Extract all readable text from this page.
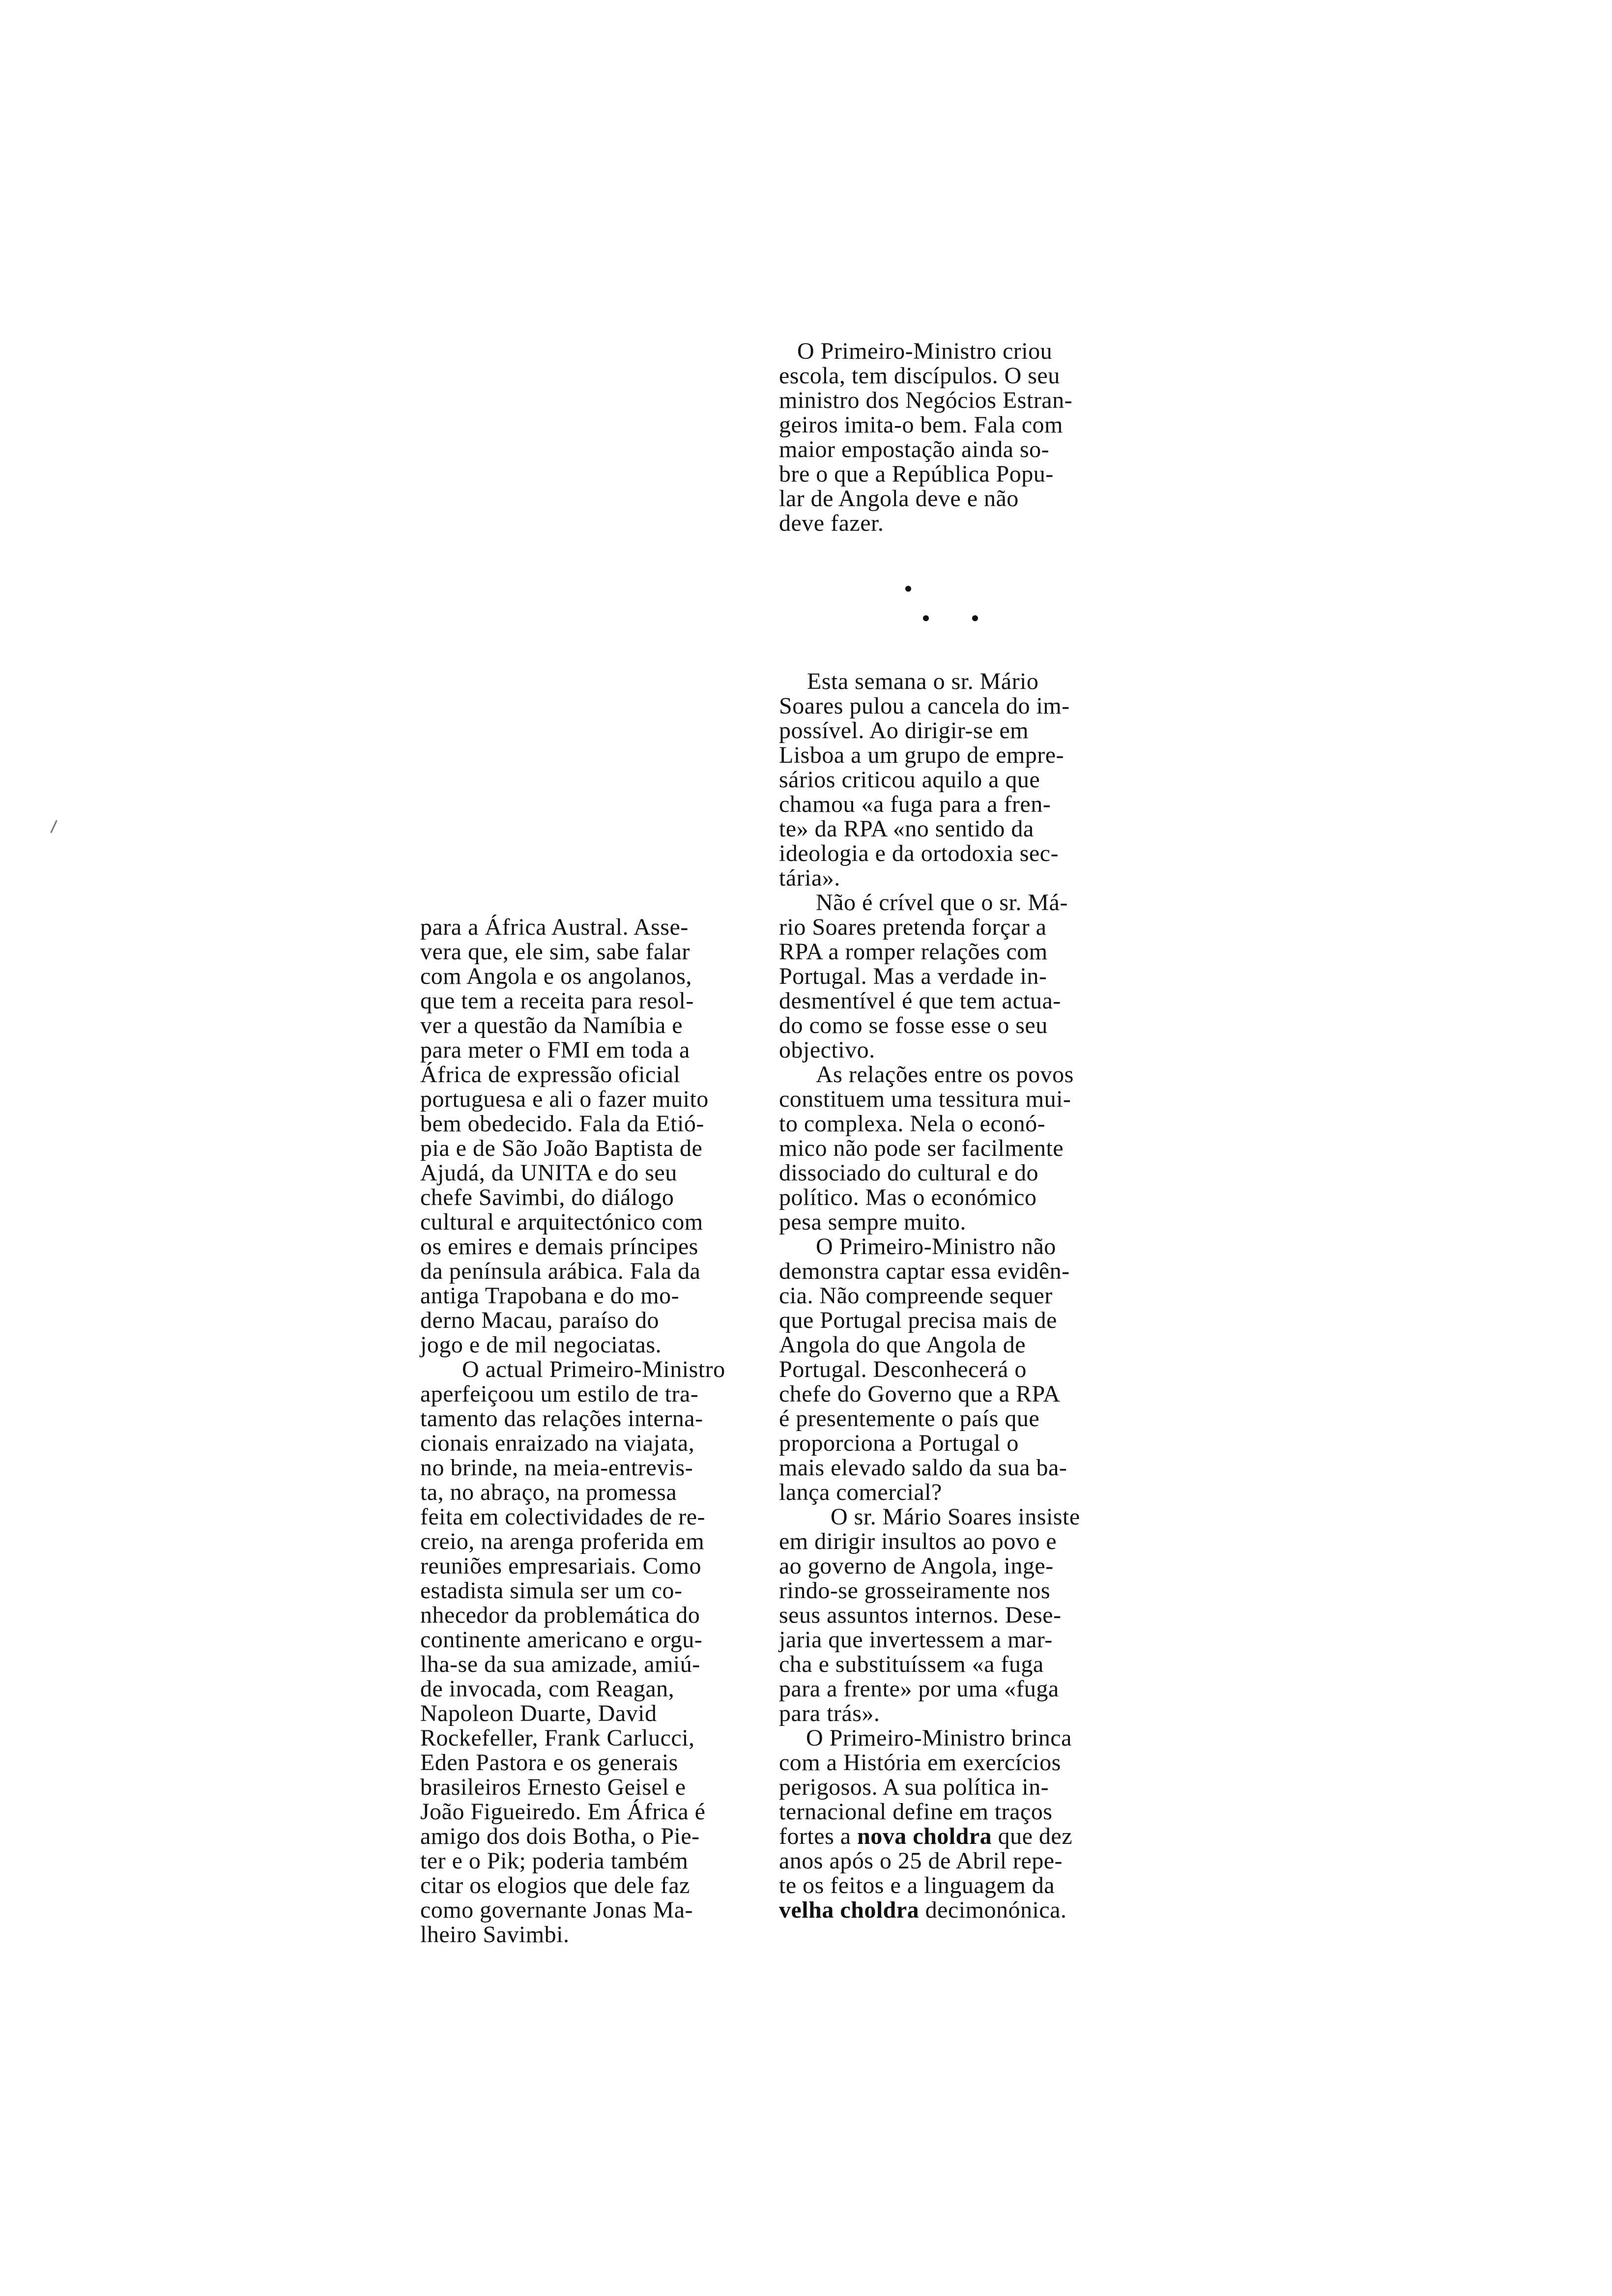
O Primeiro-Ministro criou
escola, tem discípulos. O seu
ministro dos Negócios Estran-
geiros imita-o bem. Fala com
maior empostação ainda so-
bre o que a República Popu-
lar de Angola deve e não
deve fazer.
Esta semana o sr. Mário
Soares pulou a cancela do im-
possível. Ao dirigir-se em
Lisboa a um grupo de empre-
sários criticou aquilo a que
chamou «a fuga para a fren-
te» da RPA «no sentido da
ideologia e da ortodoxia sec-
tária».
Não é crível que o sr. Má-
rio Soares pretenda forçar a
RPA a romper relações com
Portugal. Mas a verdade in-
desmentível é que tem actua-
do como se fosse esse o seu
objectivo.
As relações entre os povos
constituem uma tessitura mui-
to complexa. Nela o econó-
mico não pode ser facilmente
dissociado do cultural e do
político. Mas o económico
pesa sempre muito.
O Primeiro-Ministro não
demonstra captar essa evidên-
cia. Não compreende sequer
que Portugal precisa mais de
Angola do que Angola de
Portugal. Desconhecerá o
chefe do Governo que a RPA
é presentemente o país que
proporciona a Portugal o
mais elevado saldo da sua ba-
lança comercial?
O sr. Mário Soares insiste
em dirigir insultos ao povo e
ao governo de Angola, inge-
rindo-se grosseiramente nos
seus assuntos internos. Dese-
jaria que invertessem a mar-
cha e substituíssem «a fuga
para a frente» por uma «fuga
para trás».
O Primeiro-Ministro brinca
com a História em exercícios
perigosos. A sua política in-
ternacional define em traços
fortes a nova choldra que dez
anos após o 25 de Abril repe-
te os feitos e a linguagem da
velha choldra decimonónica.
para a África Austral. Asse-
vera que, ele sim, sabe falar
com Angola e os angolanos,
que tem a receita para resol-
ver a questão da Namíbia e
para meter o FMI em toda a
África de expressão oficial
portuguesa e ali o fazer muito
bem obedecido. Fala da Etió-
pia e de São João Baptista de
Ajudá, da UNITA e do seu
chefe Savimbi, do diálogo
cultural e arquitectónico com
os emires e demais príncipes
da península arábica. Fala da
antiga Trapobana e do mo-
derno Macau, paraíso do
jogo e de mil negociatas.
O actual Primeiro-Ministro
aperfeiçoou um estilo de tra-
tamento das relações interna-
cionais enraizado na viajata,
no brinde, na meia-entrevis-
ta, no abraço, na promessa
feita em colectividades de re-
creio, na arenga proferida em
reuniões empresariais. Como
estadista simula ser um co-
nhecedor da problemática do
continente americano e orgu-
lha-se da sua amizade, amiú-
de invocada, com Reagan,
Napoleon Duarte, David
Rockefeller, Frank Carlucci,
Eden Pastora e os generais
brasileiros Ernesto Geisel e
João Figueiredo. Em África é
amigo dos dois Botha, o Pie-
ter e o Pik; poderia também
citar os elogios que dele faz
como governante Jonas Ma-
lheiro Savimbi.
